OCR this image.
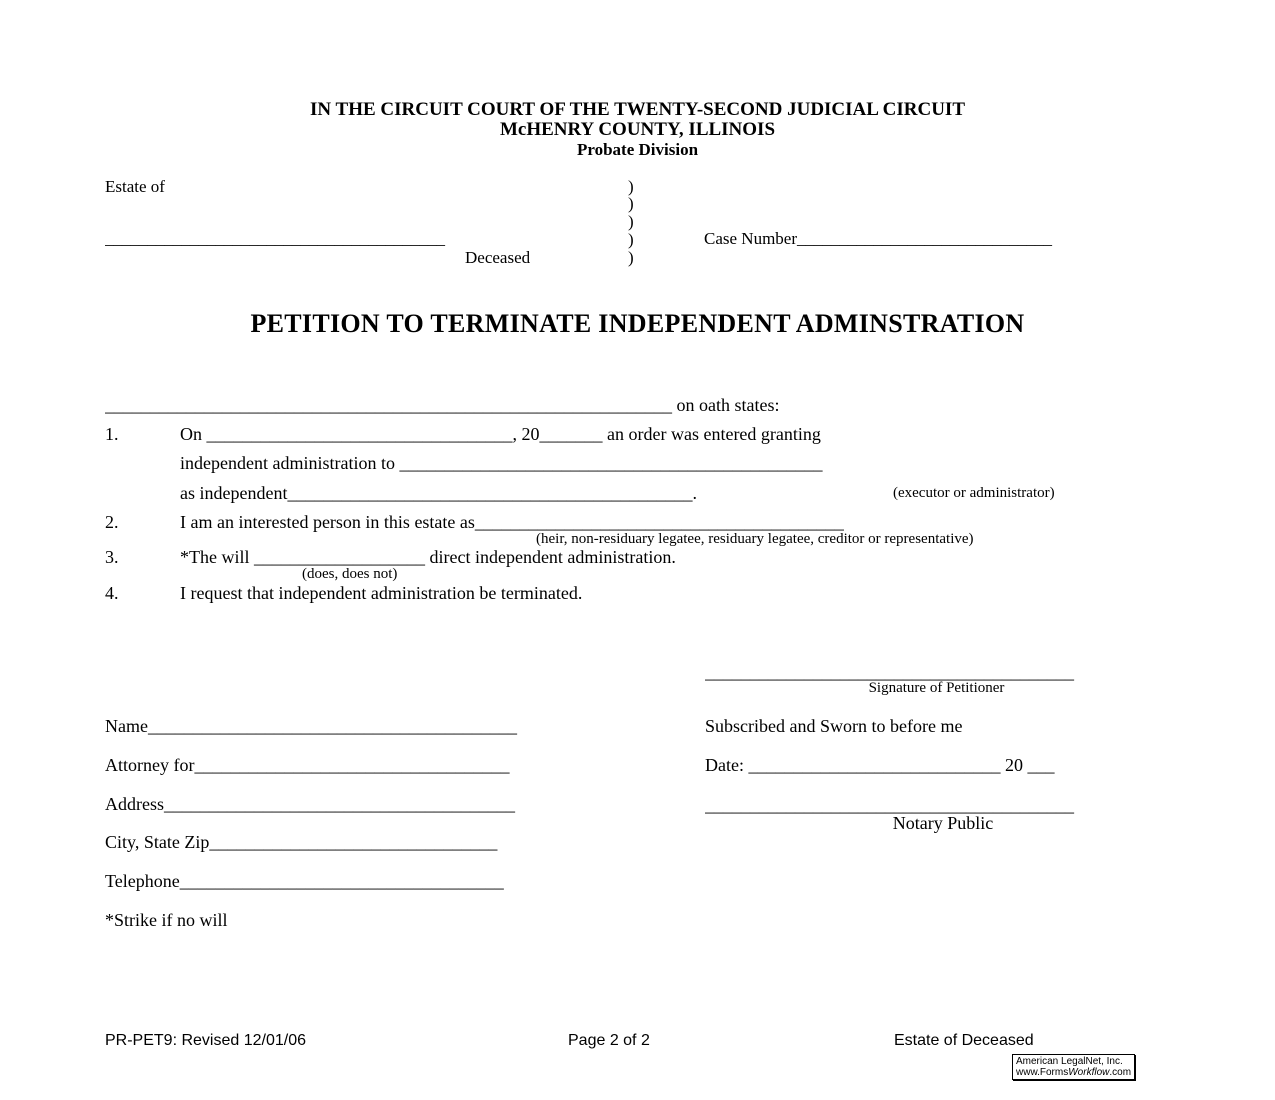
IN THE CIRCUIT COURT OF THE TWENTY-SECOND JUDICIAL CIRCUIT
McHENRY COUNTY, ILLINOIS
Probate Division
Estate of	)
)
)
)
)
________________________________________
Deceased
Case Number______________________________
PETITION TO TERMINATE INDEPENDENT ADMINSTRATION
_______________________________________________________________ on oath states:
1.	On __________________________________, 20_______ an order was entered granting
independent administration to _______________________________________________
as independent_____________________________________________.	(executor or administrator)
2.	I am an interested person in this estate as_________________________________________
(heir, non-residuary legatee, residuary legatee, creditor or representative)
3.	*The will ___________________ direct independent administration.
(does, does not)
4.	I request that independent administration be terminated.
_________________________________________
Signature of Petitioner
Name_________________________________________
Attorney for___________________________________
Address_______________________________________
City, State Zip________________________________
Telephone____________________________________
*Strike if no will
Subscribed and Sworn to before me
Date: ____________________________ 20 ___
_________________________________________
Notary Public
PR-PET9: Revised 12/01/06	Page 2 of 2	Estate of Deceased
American LegalNet, Inc.
www.FormsWorkflow.com
